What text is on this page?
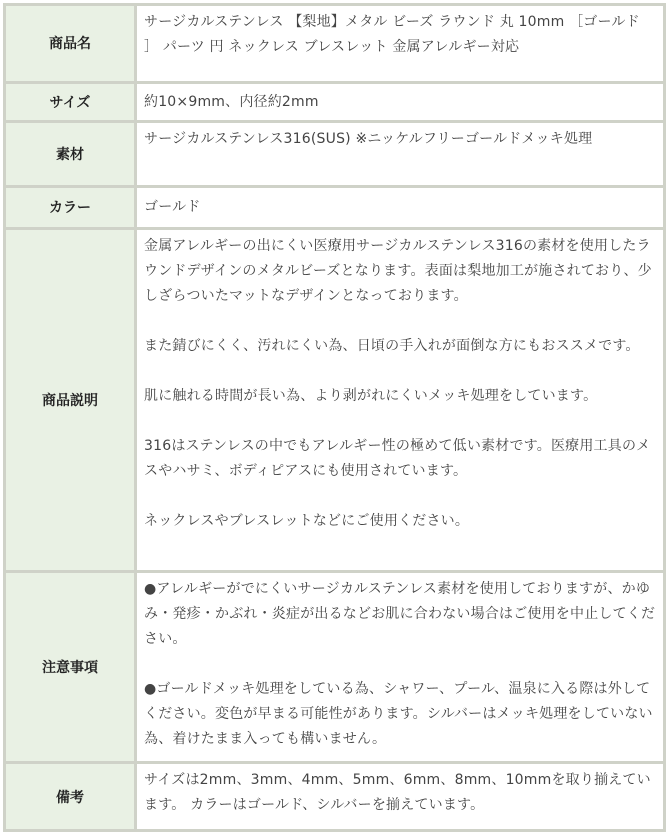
商品名	サージカルステンレス 【梨地】メタル ビーズ ラウンド 丸 10mm ［ゴールド ］ パーツ 円 ネックレス ブレスレット 金属アレルギー対応

サイズ	約10×9mm、内径約2mm

素材	サージカルステンレス316(SUS) ※ニッケルフリーゴールドメッキ処理

カラー	ゴールド

商品説明	金属アレルギーの出にくい医療用サージカルステンレス316の素材を使用したラウンドデザインのメタルビーズとなります。表面は梨地加工が施されており、少しざらついたマットなデザインとなっております。

また錆びにくく、汚れにくい為、日頃の手入れが面倒な方にもおススメです。

肌に触れる時間が長い為、より剥がれにくいメッキ処理をしています。

316はステンレスの中でもアレルギー性の極めて低い素材です。医療用工具のメスやハサミ、ボディピアスにも使用されています。

ネックレスやブレスレットなどにご使用ください。

注意事項	●アレルギーがでにくいサージカルステンレス素材を使用しておりますが、かゆみ・発疹・かぶれ・炎症が出るなどお肌に合わない場合はご使用を中止してください。

●ゴールドメッキ処理をしている為、シャワー、プール、温泉に入る際は外してください。変色が早まる可能性があります。シルバーはメッキ処理をしていない為、着けたまま入っても構いません。

備考	サイズは2mm、3mm、4mm、5mm、6mm、8mm、10mmを取り揃えています。 カラーはゴールド、シルバーを揃えています。
